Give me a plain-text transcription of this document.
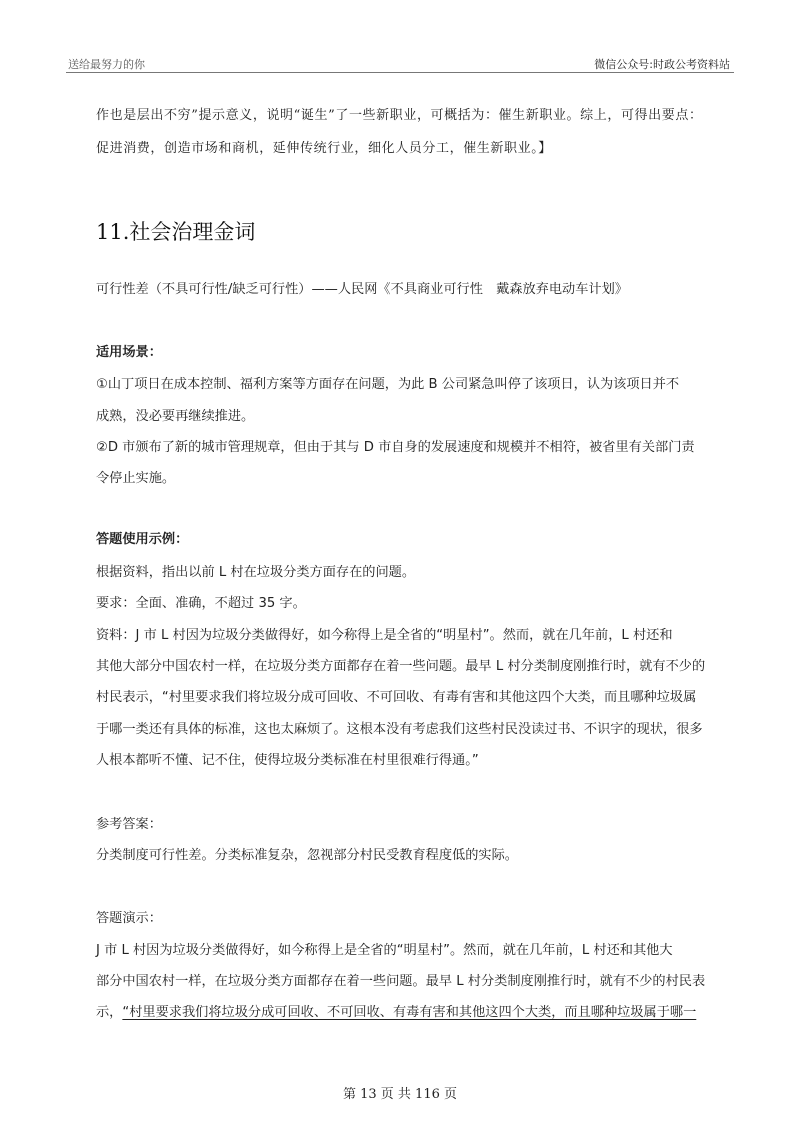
送给最努力的你	微信公众号:时政公考资料站
作也是层出不穷”提示意义，说明“诞生”了一些新职业，可概括为：催生新职业。综上，可得出要点：
促进消费，创造市场和商机，延伸传统行业，细化人员分工，催生新职业。】
11.社会治理金词
可行性差（不具可行性/缺乏可行性）——人民网《不具商业可行性　戴森放弃电动车计划》
适用场景：
①山丁项日在成本控制、福利方案等方面存在问题，为此 B 公司紧急叫停了该项日，认为该项日并不
成熟，没必要再继续推进。
②D 市颁布了新的城市管理规章，但由于其与 D 市自身的发展速度和规模并不相符，被省里有关部门责
令停止实施。
答题使用示例：
根据资料，指出以前 L 村在垃圾分类方面存在的问题。
要求：全面、准确，不超过 35 字。
资料：J 市 L 村因为垃圾分类做得好，如今称得上是全省的“明星村”。然而，就在几年前，L 村还和
其他大部分中国农村一样，在垃圾分类方面都存在着一些问题。最早 L 村分类制度刚推行时，就有不少的
村民表示，“村里要求我们将垃圾分成可回收、不可回收、有毒有害和其他这四个大类，而且哪种垃圾属
于哪一类还有具体的标准，这也太麻烦了。这根本没有考虑我们这些村民没读过书、不识字的现状，很多
人根本都听不懂、记不住，使得垃圾分类标准在村里很难行得通。”
参考答案：
分类制度可行性差。分类标准复杂，忽视部分村民受教育程度低的实际。
答题演示：
J 市 L 村因为垃圾分类做得好，如今称得上是全省的“明星村”。然而，就在几年前，L 村还和其他大
部分中国农村一样，在垃圾分类方面都存在着一些问题。最早 L 村分类制度刚推行时，就有不少的村民表
示，“村里要求我们将垃圾分成可回收、不可回收、有毒有害和其他这四个大类，而且哪种垃圾属于哪一
第 13 页 共 116 页
